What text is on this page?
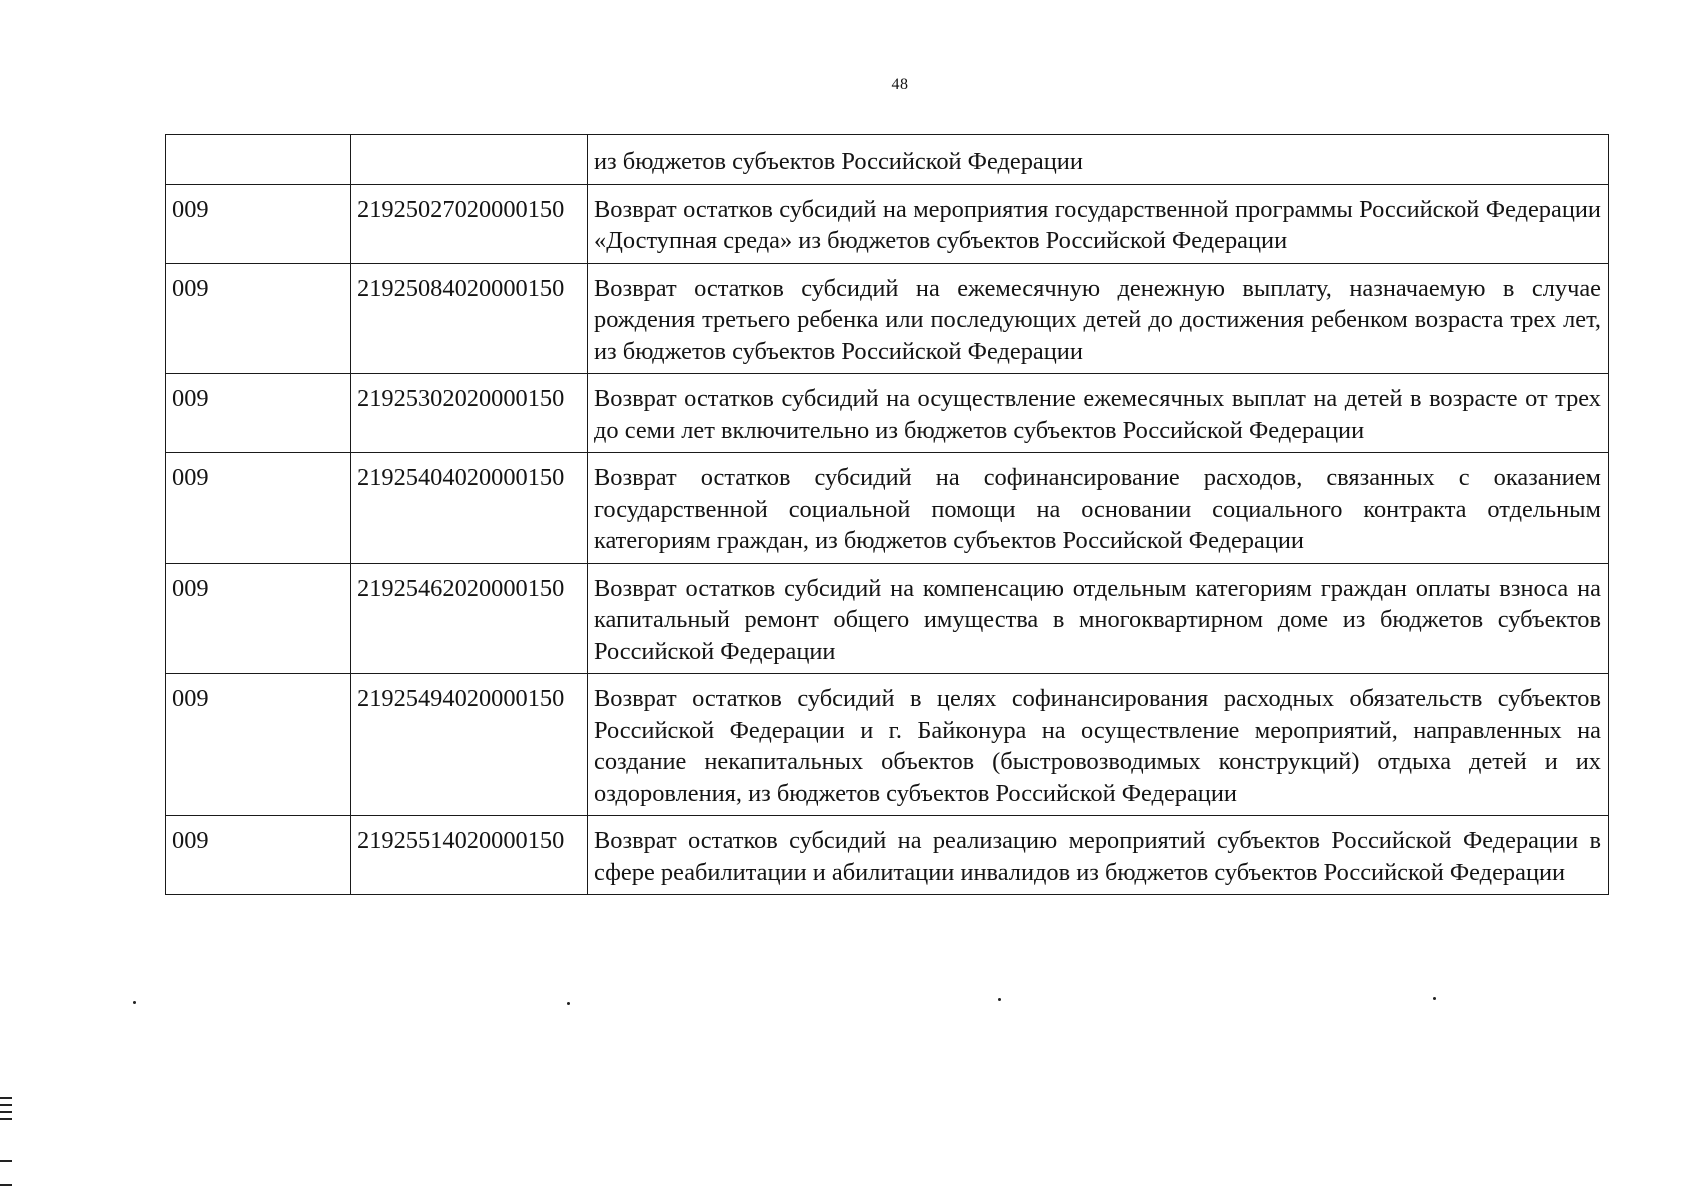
48
		из бюджетов субъектов Российской Федерации
009	21925027020000150	Возврат остатков субсидий на мероприятия государственной программы Российской Федерации «Доступная среда» из бюджетов субъектов Российской Федерации
009	21925084020000150	Возврат остатков субсидий на ежемесячную денежную выплату, назначаемую в случае рождения третьего ребенка или последующих детей до достижения ребенком возраста трех лет, из бюджетов субъектов Российской Федерации
009	21925302020000150	Возврат остатков субсидий на осуществление ежемесячных выплат на детей в возрасте от трех до семи лет включительно из бюджетов субъектов Российской Федерации
009	21925404020000150	Возврат остатков субсидий на софинансирование расходов, связанных с оказанием государственной социальной помощи на основании социального контракта отдельным категориям граждан, из бюджетов субъектов Российской Федерации
009	21925462020000150	Возврат остатков субсидий на компенсацию отдельным категориям граждан оплаты взноса на капитальный ремонт общего имущества в многоквартирном доме из бюджетов субъектов Российской Федерации
009	21925494020000150	Возврат остатков субсидий в целях софинансирования расходных обязательств субъектов Российской Федерации и г. Байконура на осуществление мероприятий, направленных на создание некапитальных объектов (быстровозводимых конструкций) отдыха детей и их оздоровления, из бюджетов субъектов Российской Федерации
009	21925514020000150	Возврат остатков субсидий на реализацию мероприятий субъектов Российской Федерации в сфере реабилитации и абилитации инвалидов из бюджетов субъектов Российской Федерации
